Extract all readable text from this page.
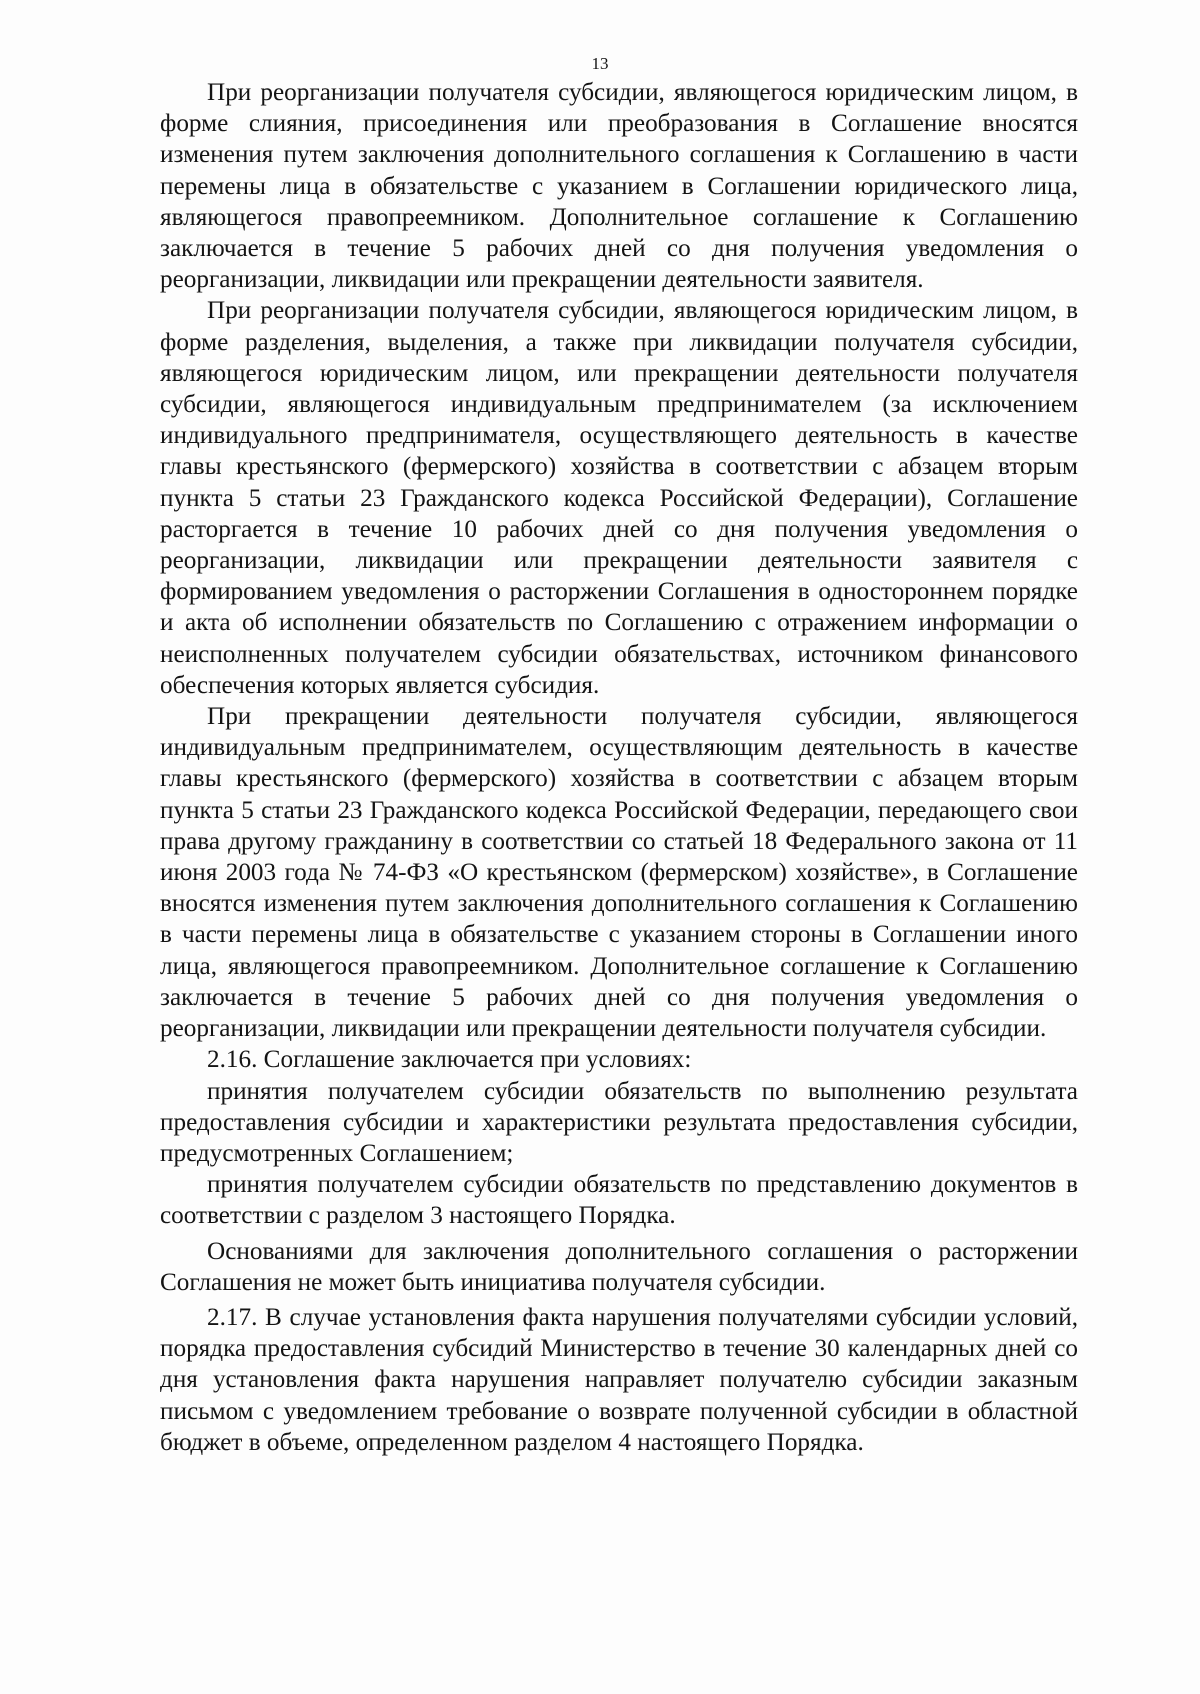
13

При реорганизации получателя субсидии, являющегося юридическим лицом, в форме слияния, присоединения или преобразования в Соглашение вносятся изменения путем заключения дополнительного соглашения к Соглашению в части перемены лица в обязательстве с указанием в Соглашении юридического лица, являющегося правопреемником. Дополнительное соглашение к Соглашению заключается в течение 5 рабочих дней со дня получения уведомления о реорганизации, ликвидации или прекращении деятельности заявителя.

При реорганизации получателя субсидии, являющегося юридическим лицом, в форме разделения, выделения, а также при ликвидации получателя субсидии, являющегося юридическим лицом, или прекращении деятельности получателя субсидии, являющегося индивидуальным предпринимателем (за исключением индивидуального предпринимателя, осуществляющего деятельность в качестве главы крестьянского (фермерского) хозяйства в соответствии с абзацем вторым пункта 5 статьи 23 Гражданского кодекса Российской Федерации), Соглашение расторгается в течение 10 рабочих дней со дня получения уведомления о реорганизации, ликвидации или прекращении деятельности заявителя с формированием уведомления о расторжении Соглашения в одностороннем порядке и акта об исполнении обязательств по Соглашению с отражением информации о неисполненных получателем субсидии обязательствах, источником финансового обеспечения которых является субсидия.

При прекращении деятельности получателя субсидии, являющегося индивидуальным предпринимателем, осуществляющим деятельность в качестве главы крестьянского (фермерского) хозяйства в соответствии с абзацем вторым пункта 5 статьи 23 Гражданского кодекса Российской Федерации, передающего свои права другому гражданину в соответствии со статьей 18 Федерального закона от 11 июня 2003 года № 74-ФЗ «О крестьянском (фермерском) хозяйстве», в Соглашение вносятся изменения путем заключения дополнительного соглашения к Соглашению в части перемены лица в обязательстве с указанием стороны в Соглашении иного лица, являющегося правопреемником. Дополнительное соглашение к Соглашению заключается в течение 5 рабочих дней со дня получения уведомления о реорганизации, ликвидации или прекращении деятельности получателя субсидии.

2.16. Соглашение заключается при условиях:

принятия получателем субсидии обязательств по выполнению результата предоставления субсидии и характеристики результата предоставления субсидии, предусмотренных Соглашением;

принятия получателем субсидии обязательств по представлению документов в соответствии с разделом 3 настоящего Порядка.

Основаниями для заключения дополнительного соглашения о расторжении Соглашения не может быть инициатива получателя субсидии.

2.17. В случае установления факта нарушения получателями субсидии условий, порядка предоставления субсидий Министерство в течение 30 календарных дней со дня установления факта нарушения направляет получателю субсидии заказным письмом с уведомлением требование о возврате полученной субсидии в областной бюджет в объеме, определенном разделом 4 настоящего Порядка.
